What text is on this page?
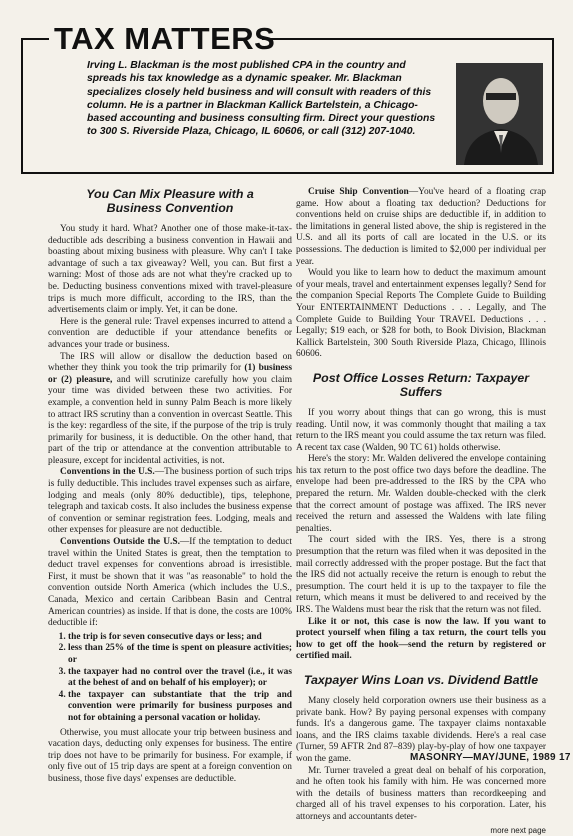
TAX MATTERS
Irving L. Blackman is the most published CPA in the country and spreads his tax knowledge as a dynamic speaker. Mr. Blackman specializes closely held business and will consult with readers of this column. He is a partner in Blackman Kallick Bartelstein, a Chicago-based accounting and business consulting firm. Direct your questions to 300 S. Riverside Plaza, Chicago, IL 60606, or call (312) 207-1040.
You Can Mix Pleasure with a
Business Convention

You study it hard. What? Another one of those make-it-tax-deductible ads describing a business convention in Hawaii and boasting about mixing business with pleasure. Why can't I take advantage of such a tax giveaway? Well, you can. But first a warning: Most of those ads are not what they're cracked up to be. Deducting business conventions mixed with travel-pleasure trips is much more difficult, according to the IRS, than the advertisements claim or imply. Yet, it can be done.

Here is the general rule: Travel expenses incurred to attend a convention are deductible if your attendance benefits or advances your trade or business.

The IRS will allow or disallow the deduction based on whether they think you took the trip primarily for (1) business or (2) pleasure, and will scrutinize carefully how you claim your time was divided between these two activities. For example, a convention held in sunny Palm Beach is more likely to attract IRS scrutiny than a convention in overcast Seattle. This is the key: regardless of the site, if the purpose of the trip is truly primarily for business, it is deductible. On the other hand, that part of the trip or attendance at the convention attributable to pleasure, except for incidental activities, is not.

Conventions in the U.S.—The business portion of such trips is fully deductible. This includes travel expenses such as airfare, lodging and meals (only 80% deductible), tips, telephone, telegraph and taxicab costs. It also includes the business expense of convention or seminar registration fees. Lodging, meals and other expenses for pleasure are not deductible.

Conventions Outside the U.S.—If the temptation to deduct travel within the United States is great, then the temptation to deduct travel expenses for conventions abroad is irresistible. First, it must be shown that it was "as reasonable" to hold the convention outside North America (which includes the U.S., Canada, Mexico and certain Caribbean Basin and Central American countries) as inside. If that is done, the costs are 100% deductible if:

1. the trip is for seven consecutive days or less; and
2. less than 25% of the time is spent on pleasure activities; or
3. the taxpayer had no control over the travel (i.e., it was at the behest of and on behalf of his employer); or
4. the taxpayer can substantiate that the trip and convention were primarily for business purposes and not for obtaining a personal vacation or holiday.

Otherwise, you must allocate your trip between business and vacation days, deducting only expenses for business. The entire trip does not have to be primarily for business. For example, if only five out of 15 trip days are spent at a foreign convention on business, those five days' expenses are deductible.

Cruise Ship Convention—You've heard of a floating crap game. How about a floating tax deduction? Deductions for conventions held on cruise ships are deductible if, in addition to the limitations in general listed above, the ship is registered in the U.S. and all its ports of call are located in the U.S. or its possessions. The deduction is limited to $2,000 per individual per year.

Would you like to learn how to deduct the maximum amount of your meals, travel and entertainment expenses legally? Send for the companion Special Reports The Complete Guide to Building Your ENTERTAINMENT Deductions . . . Legally, and The Complete Guide to Building Your TRAVEL Deductions . . . Legally; $19 each, or $28 for both, to Book Division, Blackman Kallick Bartelstein, 300 South Riverside Plaza, Chicago, Illinois 60606.

Post Office Losses Return: Taxpayer Suffers

If you worry about things that can go wrong, this is must reading. Until now, it was commonly thought that mailing a tax return to the IRS meant you could assume the tax return was filed. A recent tax case (Walden, 90 TC 61) holds otherwise.

Here's the story: Mr. Walden delivered the envelope containing his tax return to the post office two days before the deadline. The envelope had been pre-addressed to the IRS by the CPA who prepared the return. Mr. Walden double-checked with the clerk that the correct amount of postage was affixed. The IRS never received the return and assessed the Waldens with late filing penalties.

The court sided with the IRS. Yes, there is a strong presumption that the return was filed when it was deposited in the mail correctly addressed with the proper postage. But the fact that the IRS did not actually receive the return is enough to rebut the presumption. The court held it is up to the taxpayer to file the return, which means it must be delivered to and received by the IRS. The Waldens must bear the risk that the return was not filed.

Like it or not, this case is now the law. If you want to protect yourself when filing a tax return, the court tells you how to get off the hook—send the return by registered or certified mail.

Taxpayer Wins Loan vs. Dividend Battle

Many closely held corporation owners use their business as a private bank. How? By paying personal expenses with company funds. It's a dangerous game. The taxpayer claims nontaxable loans, and the IRS claims taxable dividends. Here's a real case (Turner, 59 AFTR 2nd 87–839) play-by-play of how one taxpayer won the game.

Mr. Turner traveled a great deal on behalf of his corporation, and he often took his family with him. He was concerned more with the details of business matters than recordkeeping and charged all of his travel expenses to his corporation. Later, his attorneys and accountants deter-

more next page
MASONRY—MAY/JUNE, 1989 17
